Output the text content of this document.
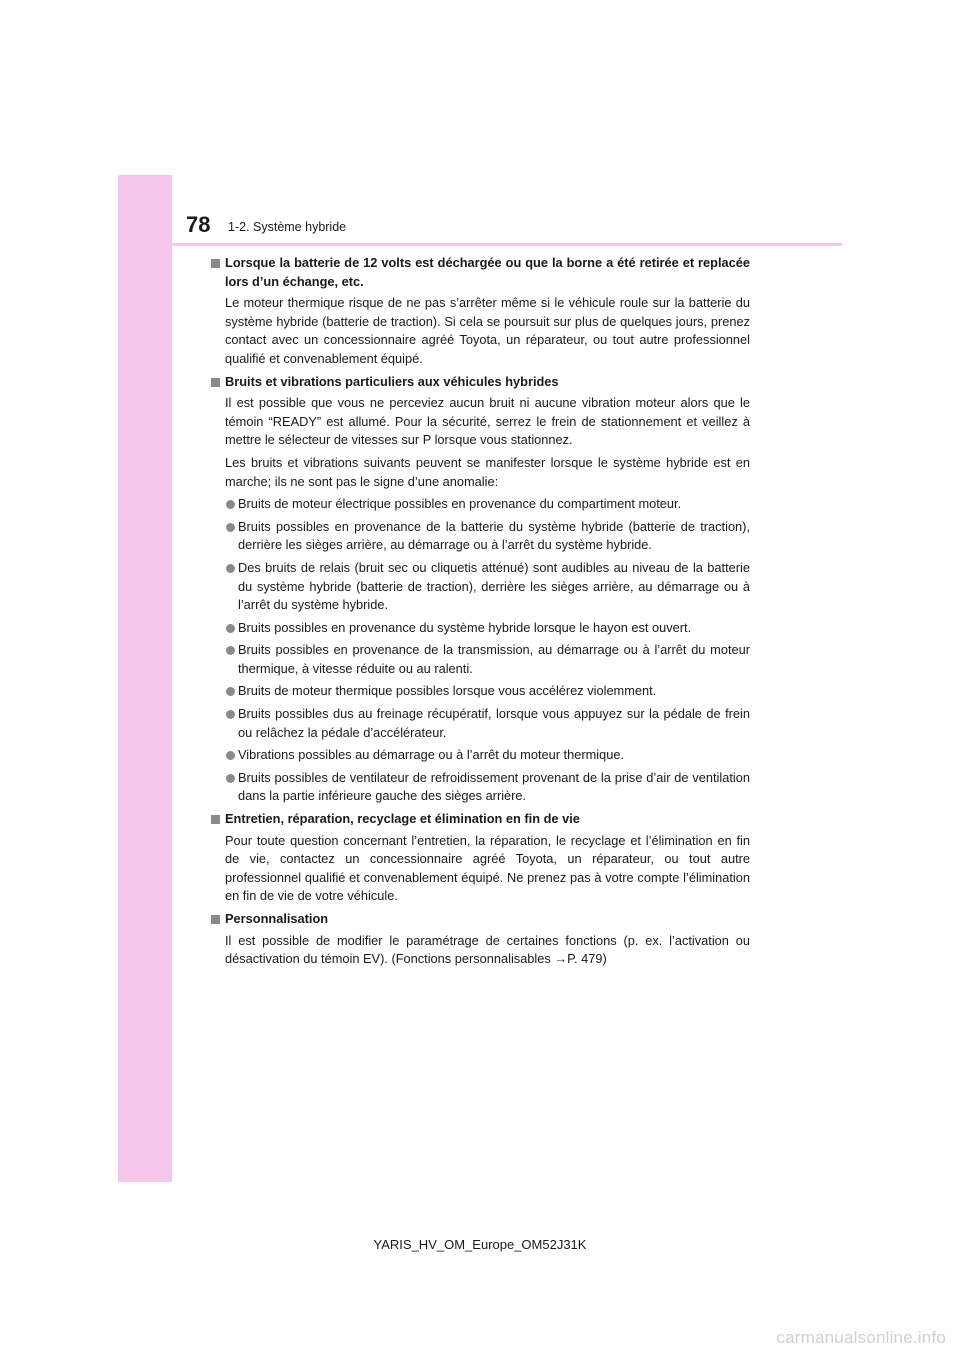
78 1-2. Système hybride
Lorsque la batterie de 12 volts est déchargée ou que la borne a été retirée et replacée lors d’un échange, etc.
Le moteur thermique risque de ne pas s’arrêter même si le véhicule roule sur la batterie du système hybride (batterie de traction). Si cela se poursuit sur plus de quelques jours, prenez contact avec un concessionnaire agréé Toyota, un réparateur, ou tout autre professionnel qualifié et convenablement équipé.
Bruits et vibrations particuliers aux véhicules hybrides
Il est possible que vous ne perceviez aucun bruit ni aucune vibration moteur alors que le témoin “READY” est allumé. Pour la sécurité, serrez le frein de stationnement et veillez à mettre le sélecteur de vitesses sur P lorsque vous stationnez.
Les bruits et vibrations suivants peuvent se manifester lorsque le système hybride est en marche; ils ne sont pas le signe d’une anomalie:
Bruits de moteur électrique possibles en provenance du compartiment moteur.
Bruits possibles en provenance de la batterie du système hybride (batterie de traction), derrière les sièges arrière, au démarrage ou à l’arrêt du système hybride.
Des bruits de relais (bruit sec ou cliquetis atténué) sont audibles au niveau de la batterie du système hybride (batterie de traction), derrière les sièges arrière, au démarrage ou à l’arrêt du système hybride.
Bruits possibles en provenance du système hybride lorsque le hayon est ouvert.
Bruits possibles en provenance de la transmission, au démarrage ou à l’arrêt du moteur thermique, à vitesse réduite ou au ralenti.
Bruits de moteur thermique possibles lorsque vous accélérez violemment.
Bruits possibles dus au freinage récupératif, lorsque vous appuyez sur la pédale de frein ou relâchez la pédale d’accélérateur.
Vibrations possibles au démarrage ou à l’arrêt du moteur thermique.
Bruits possibles de ventilateur de refroidissement provenant de la prise d’air de ventilation dans la partie inférieure gauche des sièges arrière.
Entretien, réparation, recyclage et élimination en fin de vie
Pour toute question concernant l’entretien, la réparation, le recyclage et l’élimination en fin de vie, contactez un concessionnaire agréé Toyota, un réparateur, ou tout autre professionnel qualifié et convenablement équipé. Ne prenez pas à votre compte l’élimination en fin de vie de votre véhicule.
Personnalisation
Il est possible de modifier le paramétrage de certaines fonctions (p. ex. l’activation ou désactivation du témoin EV). (Fonctions personnalisables →P. 479)
YARIS_HV_OM_Europe_OM52J31K
carmanualsonline.info
